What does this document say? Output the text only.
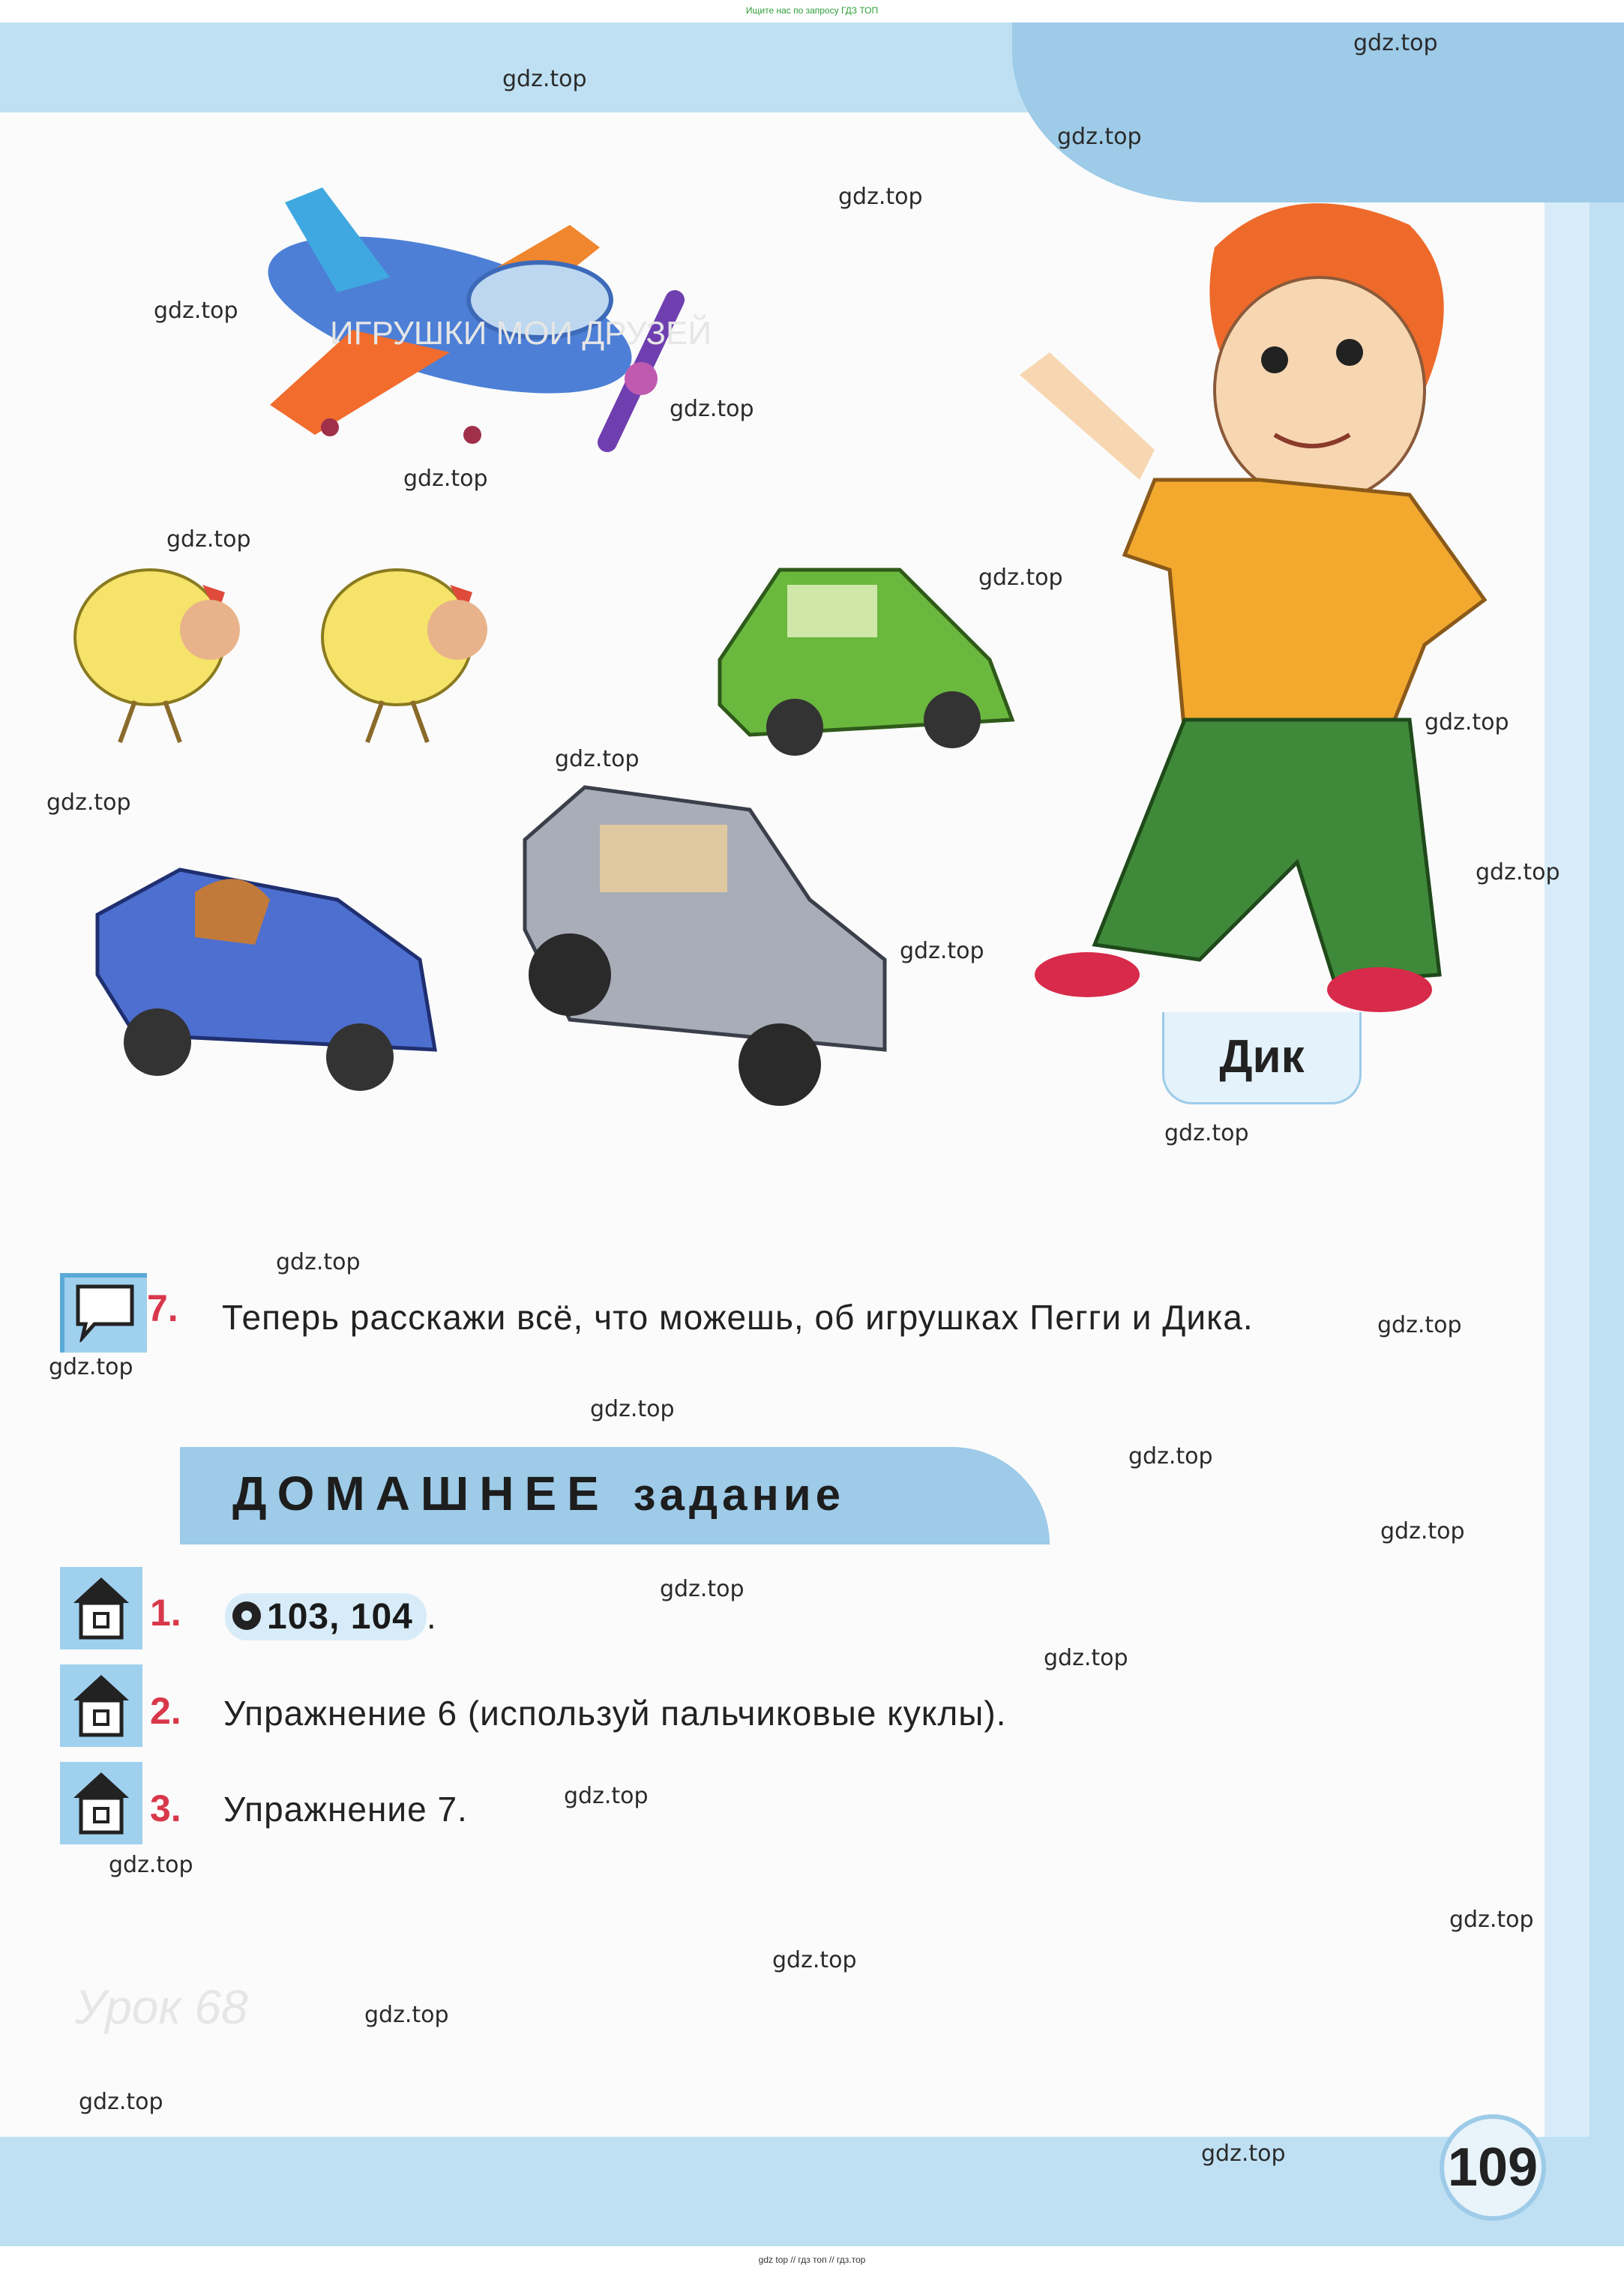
Ищите нас по запросу ГДЗ ТОП
ИГРУШКИ МОИ ДРУЗЕЙ
Дик
7. Теперь расскажи всё, что можешь, об игрушках Пегги и Дика.
ДОМАШНЕЕ задание
1.	103, 104 .
2. Упражнение 6 (используй пальчиковые куклы).
3. Упражнение 7.
Урок 68
109
gdz.top
gdz.top
gdz.top
gdz.top
gdz.top
gdz.top
gdz.top
gdz.top
gdz.top
gdz.top
gdz.top
gdz.top
gdz.top
gdz.top
gdz.top
gdz.top
gdz.top
gdz.top
gdz.top
gdz.top
gdz.top
gdz.top
gdz.top
gdz.top
gdz.top
gdz.top
gdz.top
gdz.top
gdz.top
gdz.top
gdz top // гдз топ // гдз.тор
